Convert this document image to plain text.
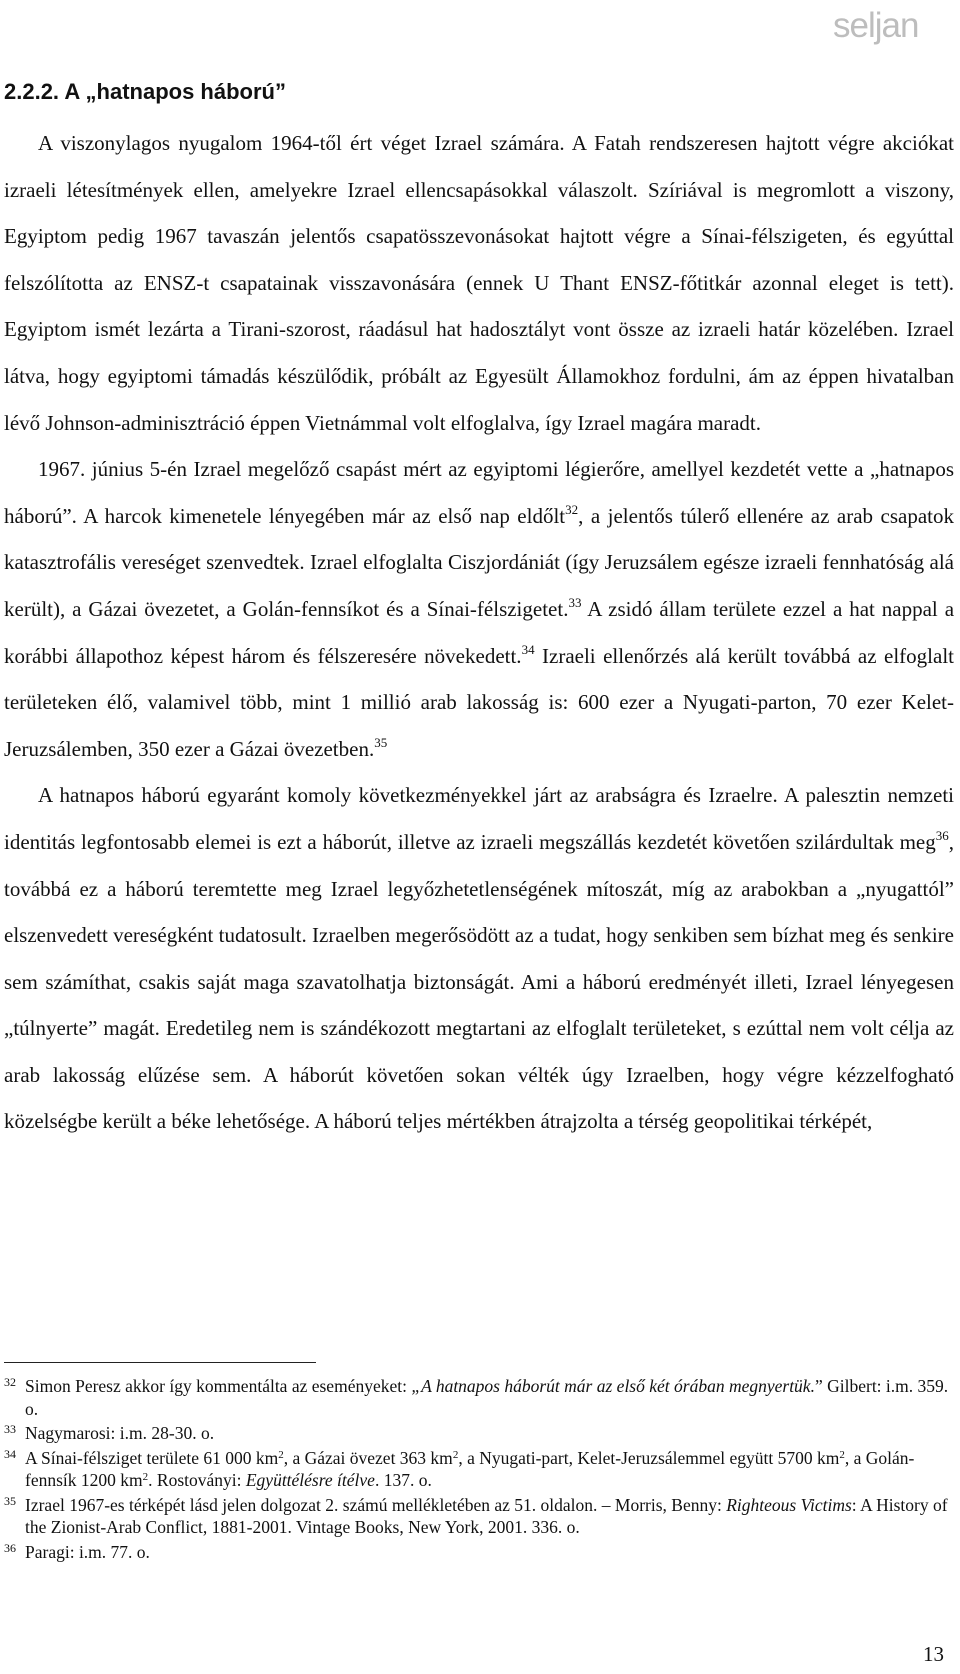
seljan
2.2.2. A „hatnapos háború”

A viszonylagos nyugalom 1964-től ért véget Izrael számára. A Fatah rendszeresen hajtott végre akciókat izraeli létesítmények ellen, amelyekre Izrael ellencsapásokkal válaszolt. Szíriával is megromlott a viszony, Egyiptom pedig 1967 tavaszán jelentős csapatösszevonásokat hajtott végre a Sínai-félszigeten, és egyúttal felszólította az ENSZ-t csapatainak visszavonására (ennek U Thant ENSZ-főtitkár azonnal eleget is tett). Egyiptom ismét lezárta a Tirani-szorost, ráadásul hat hadosztályt vont össze az izraeli határ közelében. Izrael látva, hogy egyiptomi támadás készülődik, próbált az Egyesült Államokhoz fordulni, ám az éppen hivatalban lévő Johnson-adminisztráció éppen Vietnámmal volt elfoglalva, így Izrael magára maradt.

1967. június 5-én Izrael megelőző csapást mért az egyiptomi légierőre, amellyel kezdetét vette a „hatnapos háború”. A harcok kimenetele lényegében már az első nap eldőlt$^{32}$, a jelentős túlerő ellenére az arab csapatok katasztrofális vereséget szenvedtek. Izrael elfoglalta Ciszjordániát (így Jeruzsálem egésze izraeli fennhatóság alá került), a Gázai övezetet, a Golán-fennsíkot és a Sínai-félszigetet.$^{33}$ A zsidó állam területe ezzel a hat nappal a korábbi állapothoz képest három és félszeresére növekedett.$^{34}$ Izraeli ellenőrzés alá került továbbá az elfoglalt területeken élő, valamivel több, mint 1 millió arab lakosság is: 600 ezer a Nyugati-parton, 70 ezer Kelet-Jeruzsálemben, 350 ezer a Gázai övezetben.$^{35}$

A hatnapos háború egyaránt komoly következményekkel járt az arabságra és Izraelre. A palesztin nemzeti identitás legfontosabb elemei is ezt a háborút, illetve az izraeli megszállás kezdetét követően szilárdultak meg$^{36}$, továbbá ez a háború teremtette meg Izrael legyőzhetetlenségének mítoszát, míg az arabokban a „nyugattól” elszenvedett vereségként tudatosult. Izraelben megerősödött az a tudat, hogy senkiben sem bízhat meg és senkire sem számíthat, csakis saját maga szavatolhatja biztonságát. Ami a háború eredményét illeti, Izrael lényegesen „túlnyerte” magát. Eredetileg nem is szándékozott megtartani az elfoglalt területeket, s ezúttal nem volt célja az arab lakosság elűzése sem. A háborút követően sokan vélték úgy Izraelben, hogy végre kézzelfogható közelségbe került a béke lehetősége. A háború teljes mértékben átrajzolta a térség geopolitikai térképét,

32 Simon Peresz akkor így kommentálta az eseményeket: „A hatnapos háborút már az első két órában megnyertük.” Gilbert: i.m. 359. o.
33 Nagymarosi: i.m. 28-30. o.
34 A Sínai-félsziget területe 61 000 $km^2$, a Gázai övezet 363 $km^2$, a Nyugati-part, Kelet-Jeruzsálemmel együtt 5700 $km^2$, a Golán-fennsík 1200 $km^2$. Rostoványi: Együttélésre ítélve. 137. o.
35 Izrael 1967-es térképét lásd jelen dolgozat 2. számú mellékletében az 51. oldalon. – Morris, Benny: Righteous Victims: A History of the Zionist-Arab Conflict, 1881-2001. Vintage Books, New York, 2001. 336. o.
36 Paragi: i.m. 77. o.
13
